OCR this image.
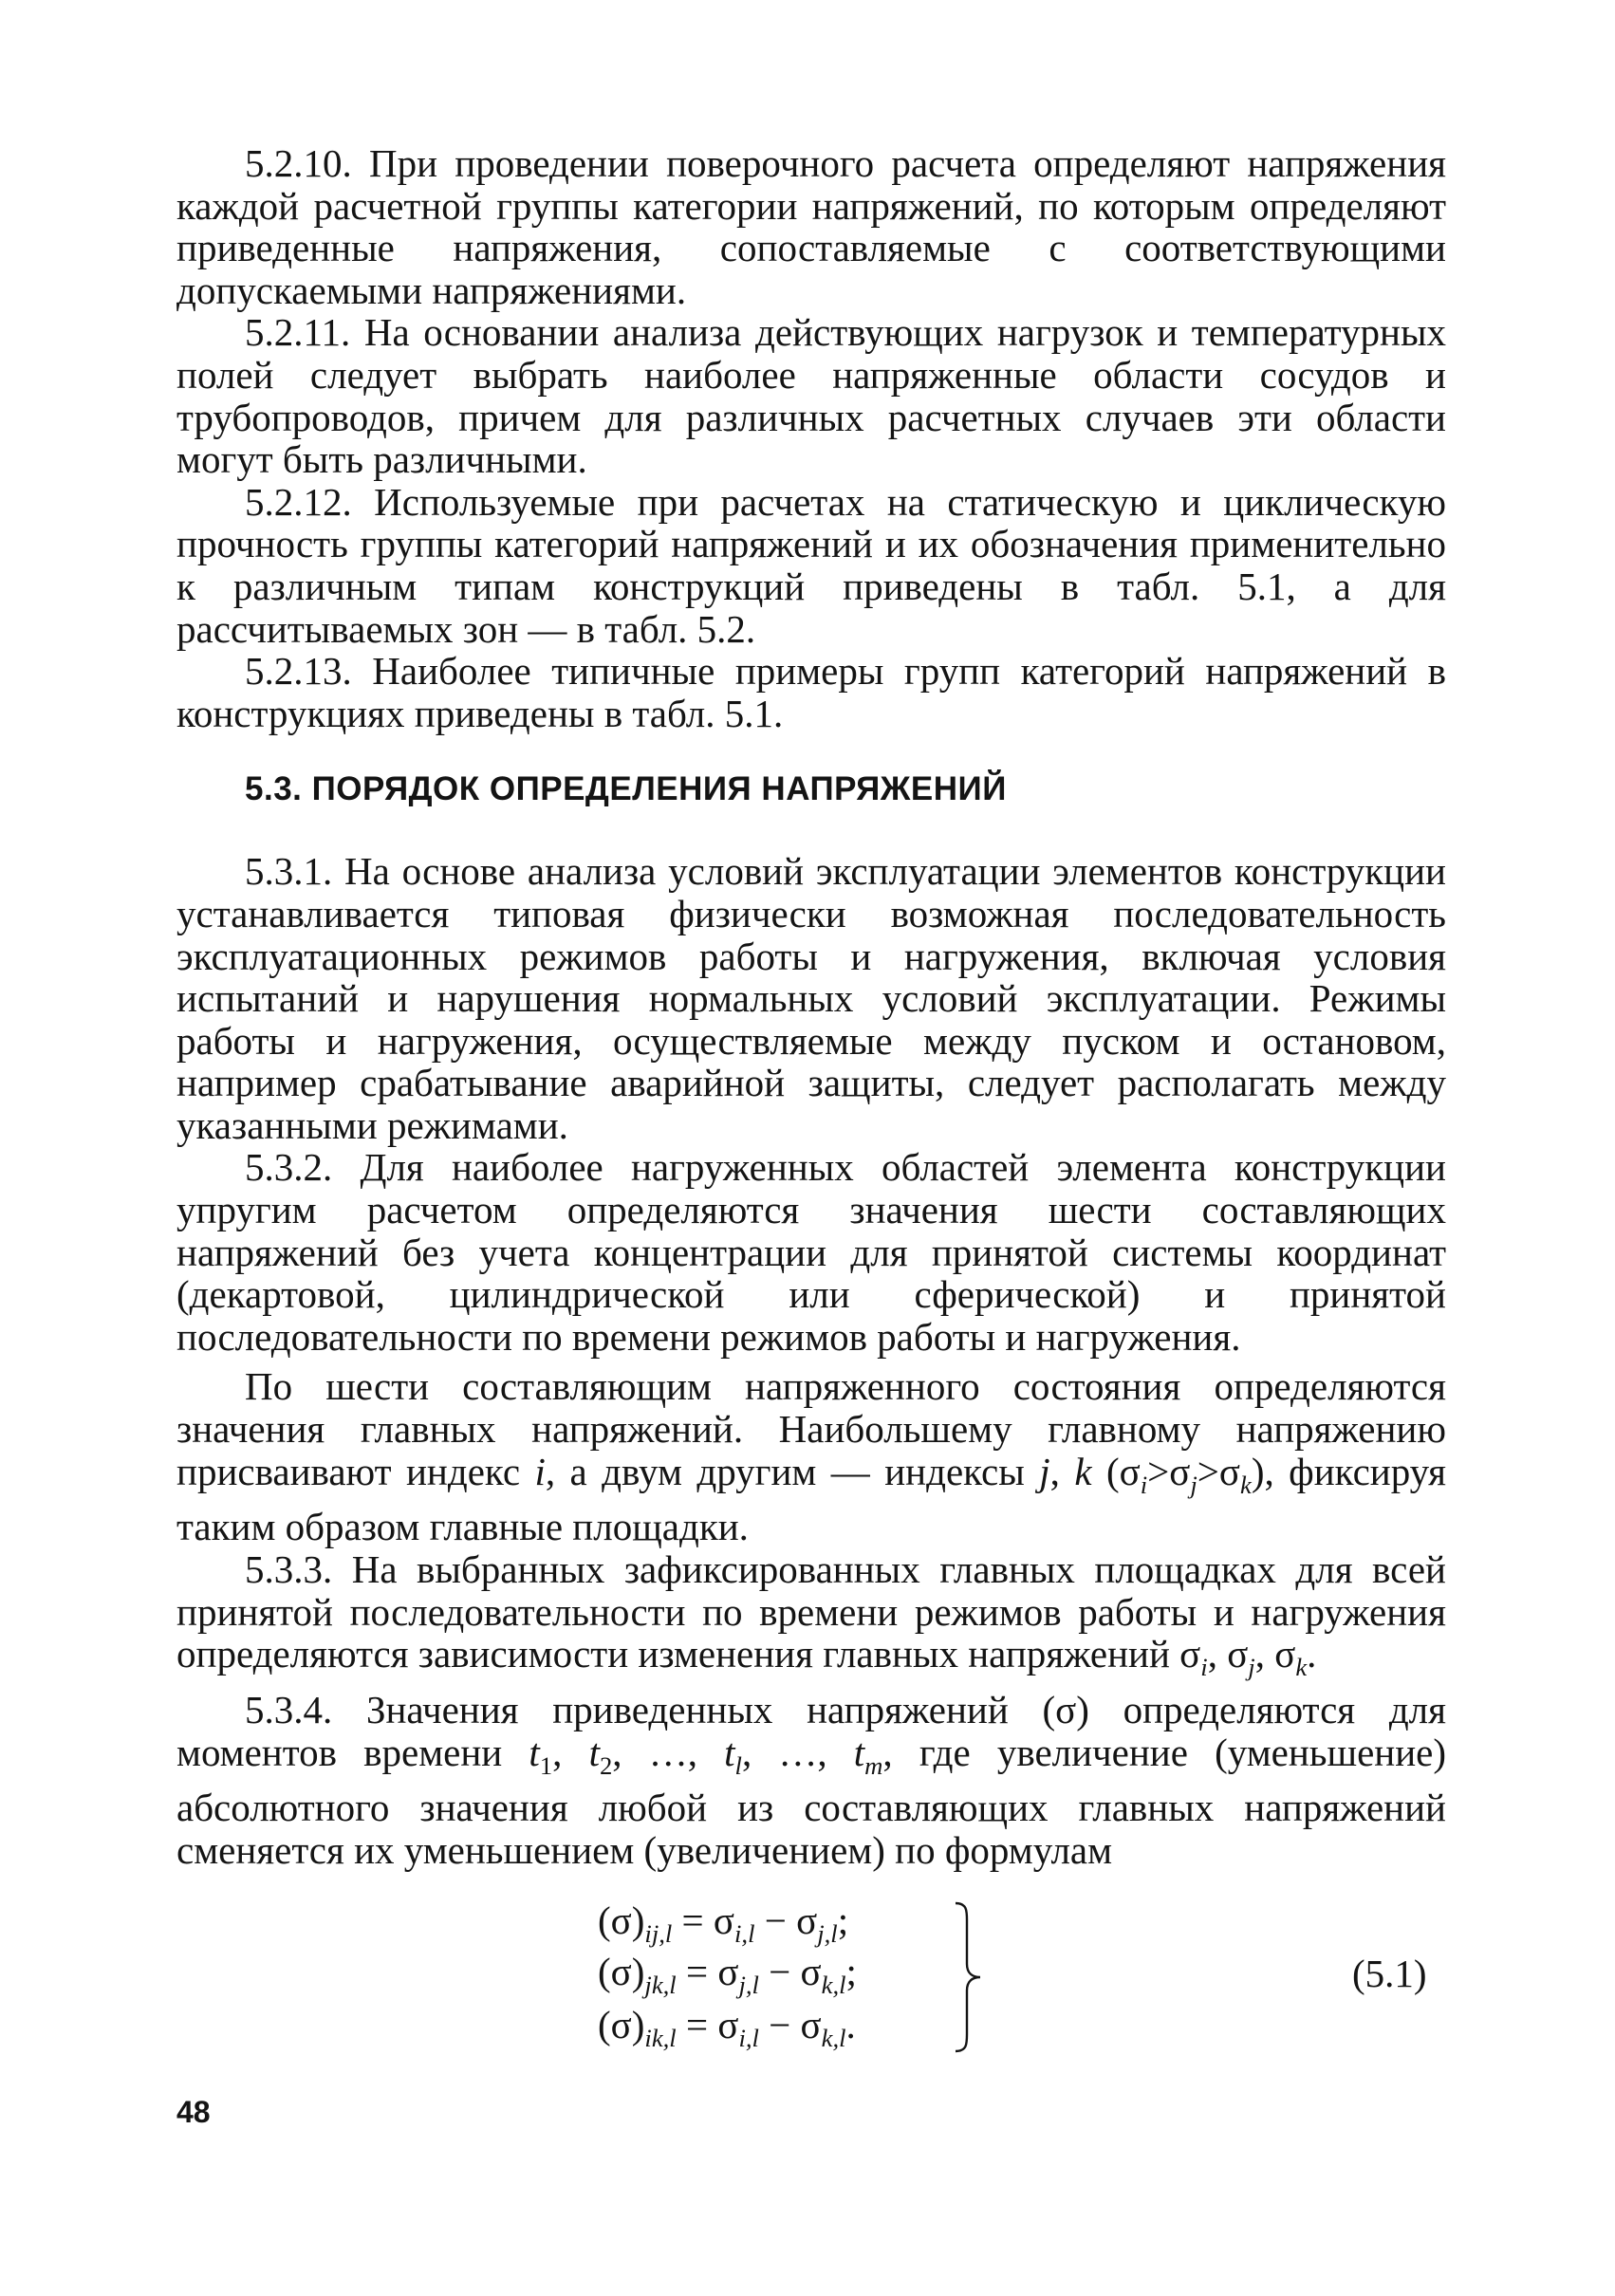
5.2.10. При проведении поверочного расчета определяют напряжения каждой расчетной группы категории напряжений, по которым определяют приведенные напряжения, сопоставляемые с соответствующими допускаемыми напряжениями.

5.2.11. На основании анализа действующих нагрузок и температурных полей следует выбрать наиболее напряженные области сосудов и трубопроводов, причем для различных расчетных случаев эти области могут быть различными.

5.2.12. Используемые при расчетах на статическую и циклическую прочность группы категорий напряжений и их обозначения применительно к различным типам конструкций приведены в табл. 5.1, а для рассчитываемых зон — в табл. 5.2.

5.2.13. Наиболее типичные примеры групп категорий напряжений в конструкциях приведены в табл. 5.1.

5.3. ПОРЯДОК ОПРЕДЕЛЕНИЯ НАПРЯЖЕНИЙ

5.3.1. На основе анализа условий эксплуатации элементов конструкции устанавливается типовая физически возможная последовательность эксплуатационных режимов работы и нагружения, включая условия испытаний и нарушения нормальных условий эксплуатации. Режимы работы и нагружения, осуществляемые между пуском и остановом, например срабатывание аварийной защиты, следует располагать между указанными режимами.

5.3.2. Для наиболее нагруженных областей элемента конструкции упругим расчетом определяются значения шести составляющих напряжений без учета концентрации для принятой системы координат (декартовой, цилиндрической или сферической) и принятой последовательности по времени режимов работы и нагружения.

По шести составляющим напряженного состояния определяются значения главных напряжений. Наибольшему главному напряжению присваивают индекс i, а двум другим — индексы j, k $(\sigma_i>\sigma_j>\sigma_k)$, фиксируя таким образом главные площадки.

5.3.3. На выбранных зафиксированных главных площадках для всей принятой последовательности по времени режимов работы и нагружения определяются зависимости изменения главных напряжений $\sigma_i$, $\sigma_j$, $\sigma_k$.

5.3.4. Значения приведенных напряжений (σ) определяются для моментов времени $t_1$, $t_2$, …, $t_l$, …, $t_m$, где увеличение (уменьшение) абсолютного значения любой из составляющих главных напряжений сменяется их уменьшением (увеличением) по формулам

$(\sigma)_{ij,l} = \sigma_{i,l} - \sigma_{j,l}$;
$(\sigma)_{jk,l} = \sigma_{j,l} - \sigma_{k,l}$;
$(\sigma)_{ik,l} = \sigma_{i,l} - \sigma_{k,l}$.
(5.1)
48
